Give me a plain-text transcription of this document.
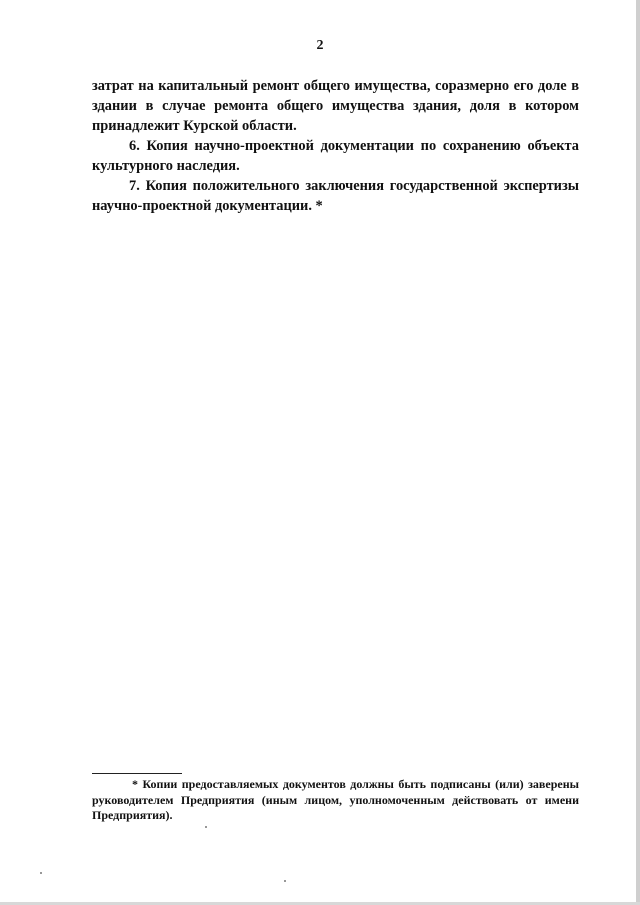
2

затрат на капитальный ремонт общего имущества, соразмерно его доле в здании в случае ремонта общего имущества здания, доля в котором принадлежит Курской области.

6. Копия научно-проектной документации по сохранению объекта культурного наследия.

7. Копия положительного заключения государственной экспертизы научно-проектной документации. *

* Копии предоставляемых документов должны быть подписаны (или) заверены руководителем Предприятия (иным лицом, уполномоченным действовать от имени Предприятия).
